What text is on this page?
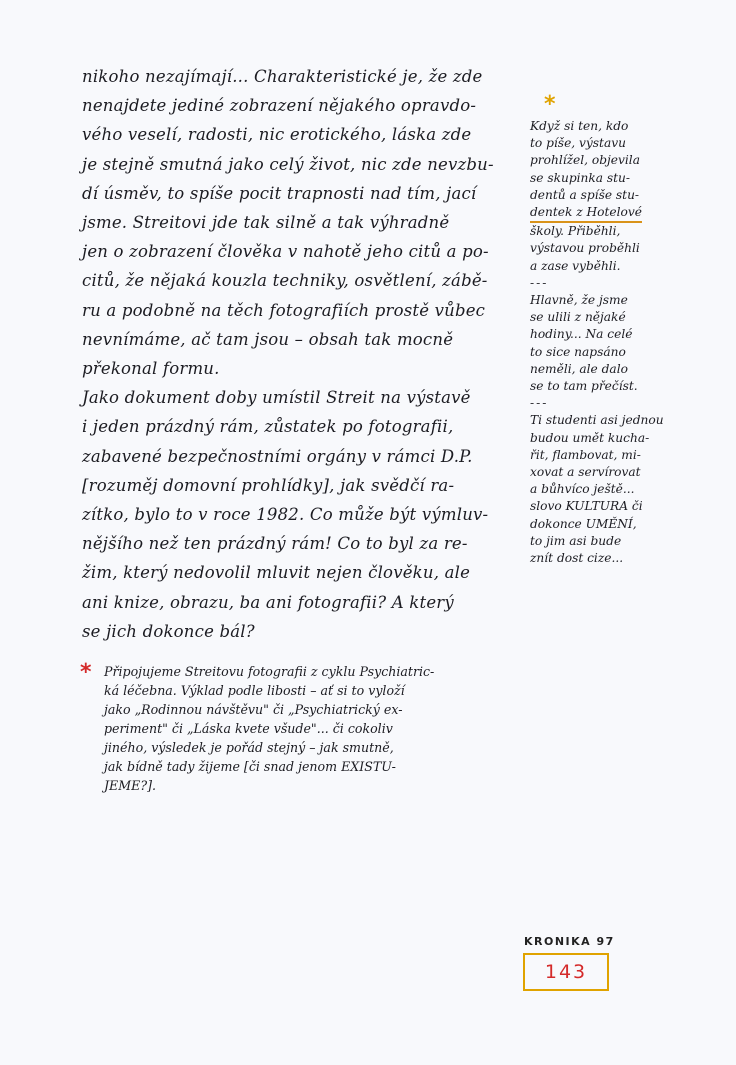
nikoho nezajímají... Charakteristické je, že zde
nenajdete jediné zobrazení nějakého opravdo-
vého veselí, radosti, nic erotického, láska zde
je stejně smutná jako celý život, nic zde nevzbu-
dí úsměv, to spíše pocit trapnosti nad tím, jací
jsme. Streitovi jde tak silně a tak výhradně
jen o zobrazení člověka v nahotě jeho citů a po-
citů, že nějaká kouzla techniky, osvětlení, zábě-
ru a podobně na těch fotografiích prostě vůbec
nevnímáme, ač tam jsou – obsah tak mocně
překonal formu.
Jako dokument doby umístil Streit na výstavě
i jeden prázdný rám, zůstatek po fotografii,
zabavené bezpečnostními orgány v rámci D.P.
[rozuměj domovní prohlídky], jak svědčí ra-
zítko, bylo to v roce 1982. Co může být výmluv-
nějšího než ten prázdný rám! Co to byl za re-
žim, který nedovolil mluvit nejen člověku, ale
ani knize, obrazu, ba ani fotografii? A který
se jich dokonce bál?
*
Když si ten, kdo
to píše, výstavu
prohlížel, objevila
se skupinka stu-
dentů a spíše stu-
dentek z Hotelové
školy. Přiběhli,
výstavou proběhli
a zase vyběhli.
---
Hlavně, že jsme
se ulili z nějaké
hodiny... Na celé
to sice napsáno
neměli, ale dalo
se to tam přečíst.
---
Ti studenti asi jednou
budou umět kucha-
řit, flambovat, mi-
xovat a servírovat
a bůhvíco ještě...
slovo KULTURA či
dokonce UMĚNÍ,
to jim asi bude
znít dost cize...
* Připojujeme Streitovu fotografii z cyklu Psychiatric-
ká léčebna. Výklad podle libosti – ať si to vyloží
jako „Rodinnou návštěvu" či „Psychiatrický ex-
periment" či „Láska kvete všude"... či cokoliv
jiného, výsledek je pořád stejný – jak smutně,
jak bídně tady žijeme [či snad jenom EXISTU-
JEME?].
KRONIKA 97
143
